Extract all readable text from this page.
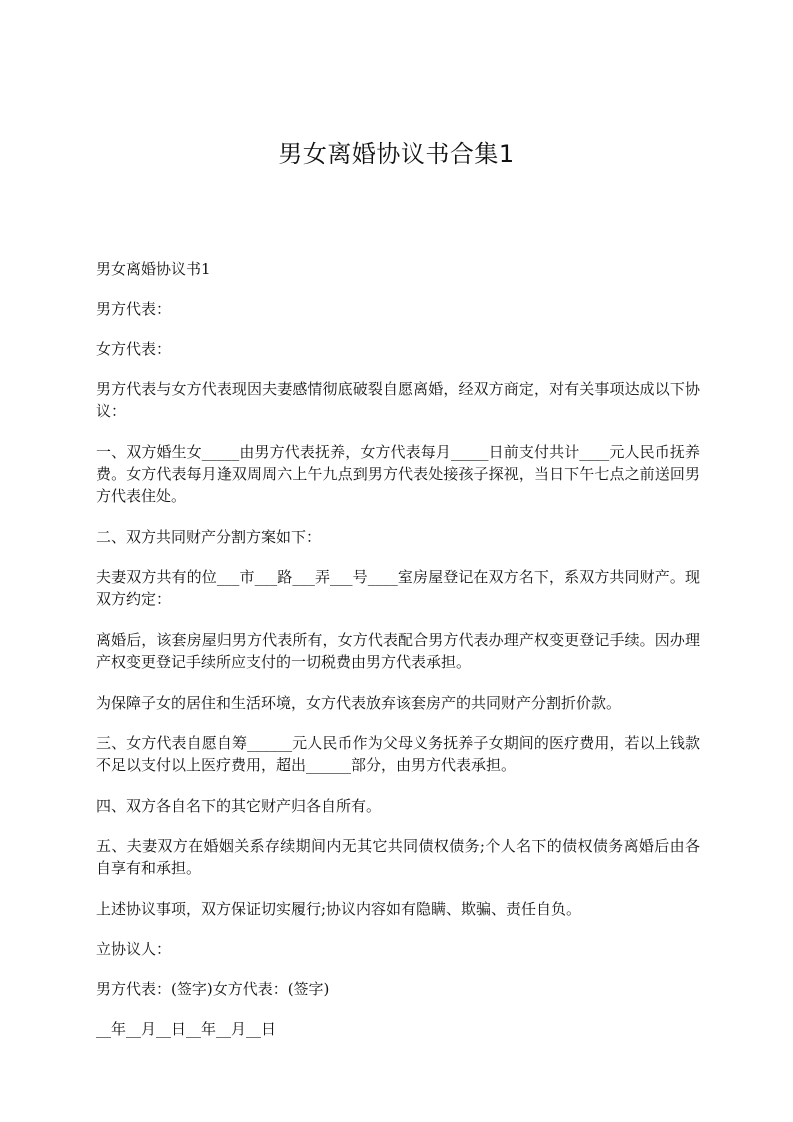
男女离婚协议书合集1

男女离婚协议书1

男方代表：

女方代表：

男方代表与女方代表现因夫妻感情彻底破裂自愿离婚，经双方商定，对有关事项达成以下协议：

一、双方婚生女_____由男方代表抚养，女方代表每月_____日前支付共计____元人民币抚养费。女方代表每月逢双周周六上午九点到男方代表处接孩子探视，当日下午七点之前送回男方代表住处。

二、双方共同财产分割方案如下：

夫妻双方共有的位___市___路___弄___号____室房屋登记在双方名下，系双方共同财产。现双方约定：

离婚后，该套房屋归男方代表所有，女方代表配合男方代表办理产权变更登记手续。因办理产权变更登记手续所应支付的一切税费由男方代表承担。

为保障子女的居住和生活环境，女方代表放弃该套房产的共同财产分割折价款。

三、女方代表自愿自筹______元人民币作为父母义务抚养子女期间的医疗费用，若以上钱款不足以支付以上医疗费用，超出______部分，由男方代表承担。

四、双方各自名下的其它财产归各自所有。

五、夫妻双方在婚姻关系存续期间内无其它共同债权债务;个人名下的债权债务离婚后由各自享有和承担。

上述协议事项，双方保证切实履行;协议内容如有隐瞒、欺骗、责任自负。

立协议人：

男方代表：(签字)女方代表：(签字)

__年__月__日__年__月__日
